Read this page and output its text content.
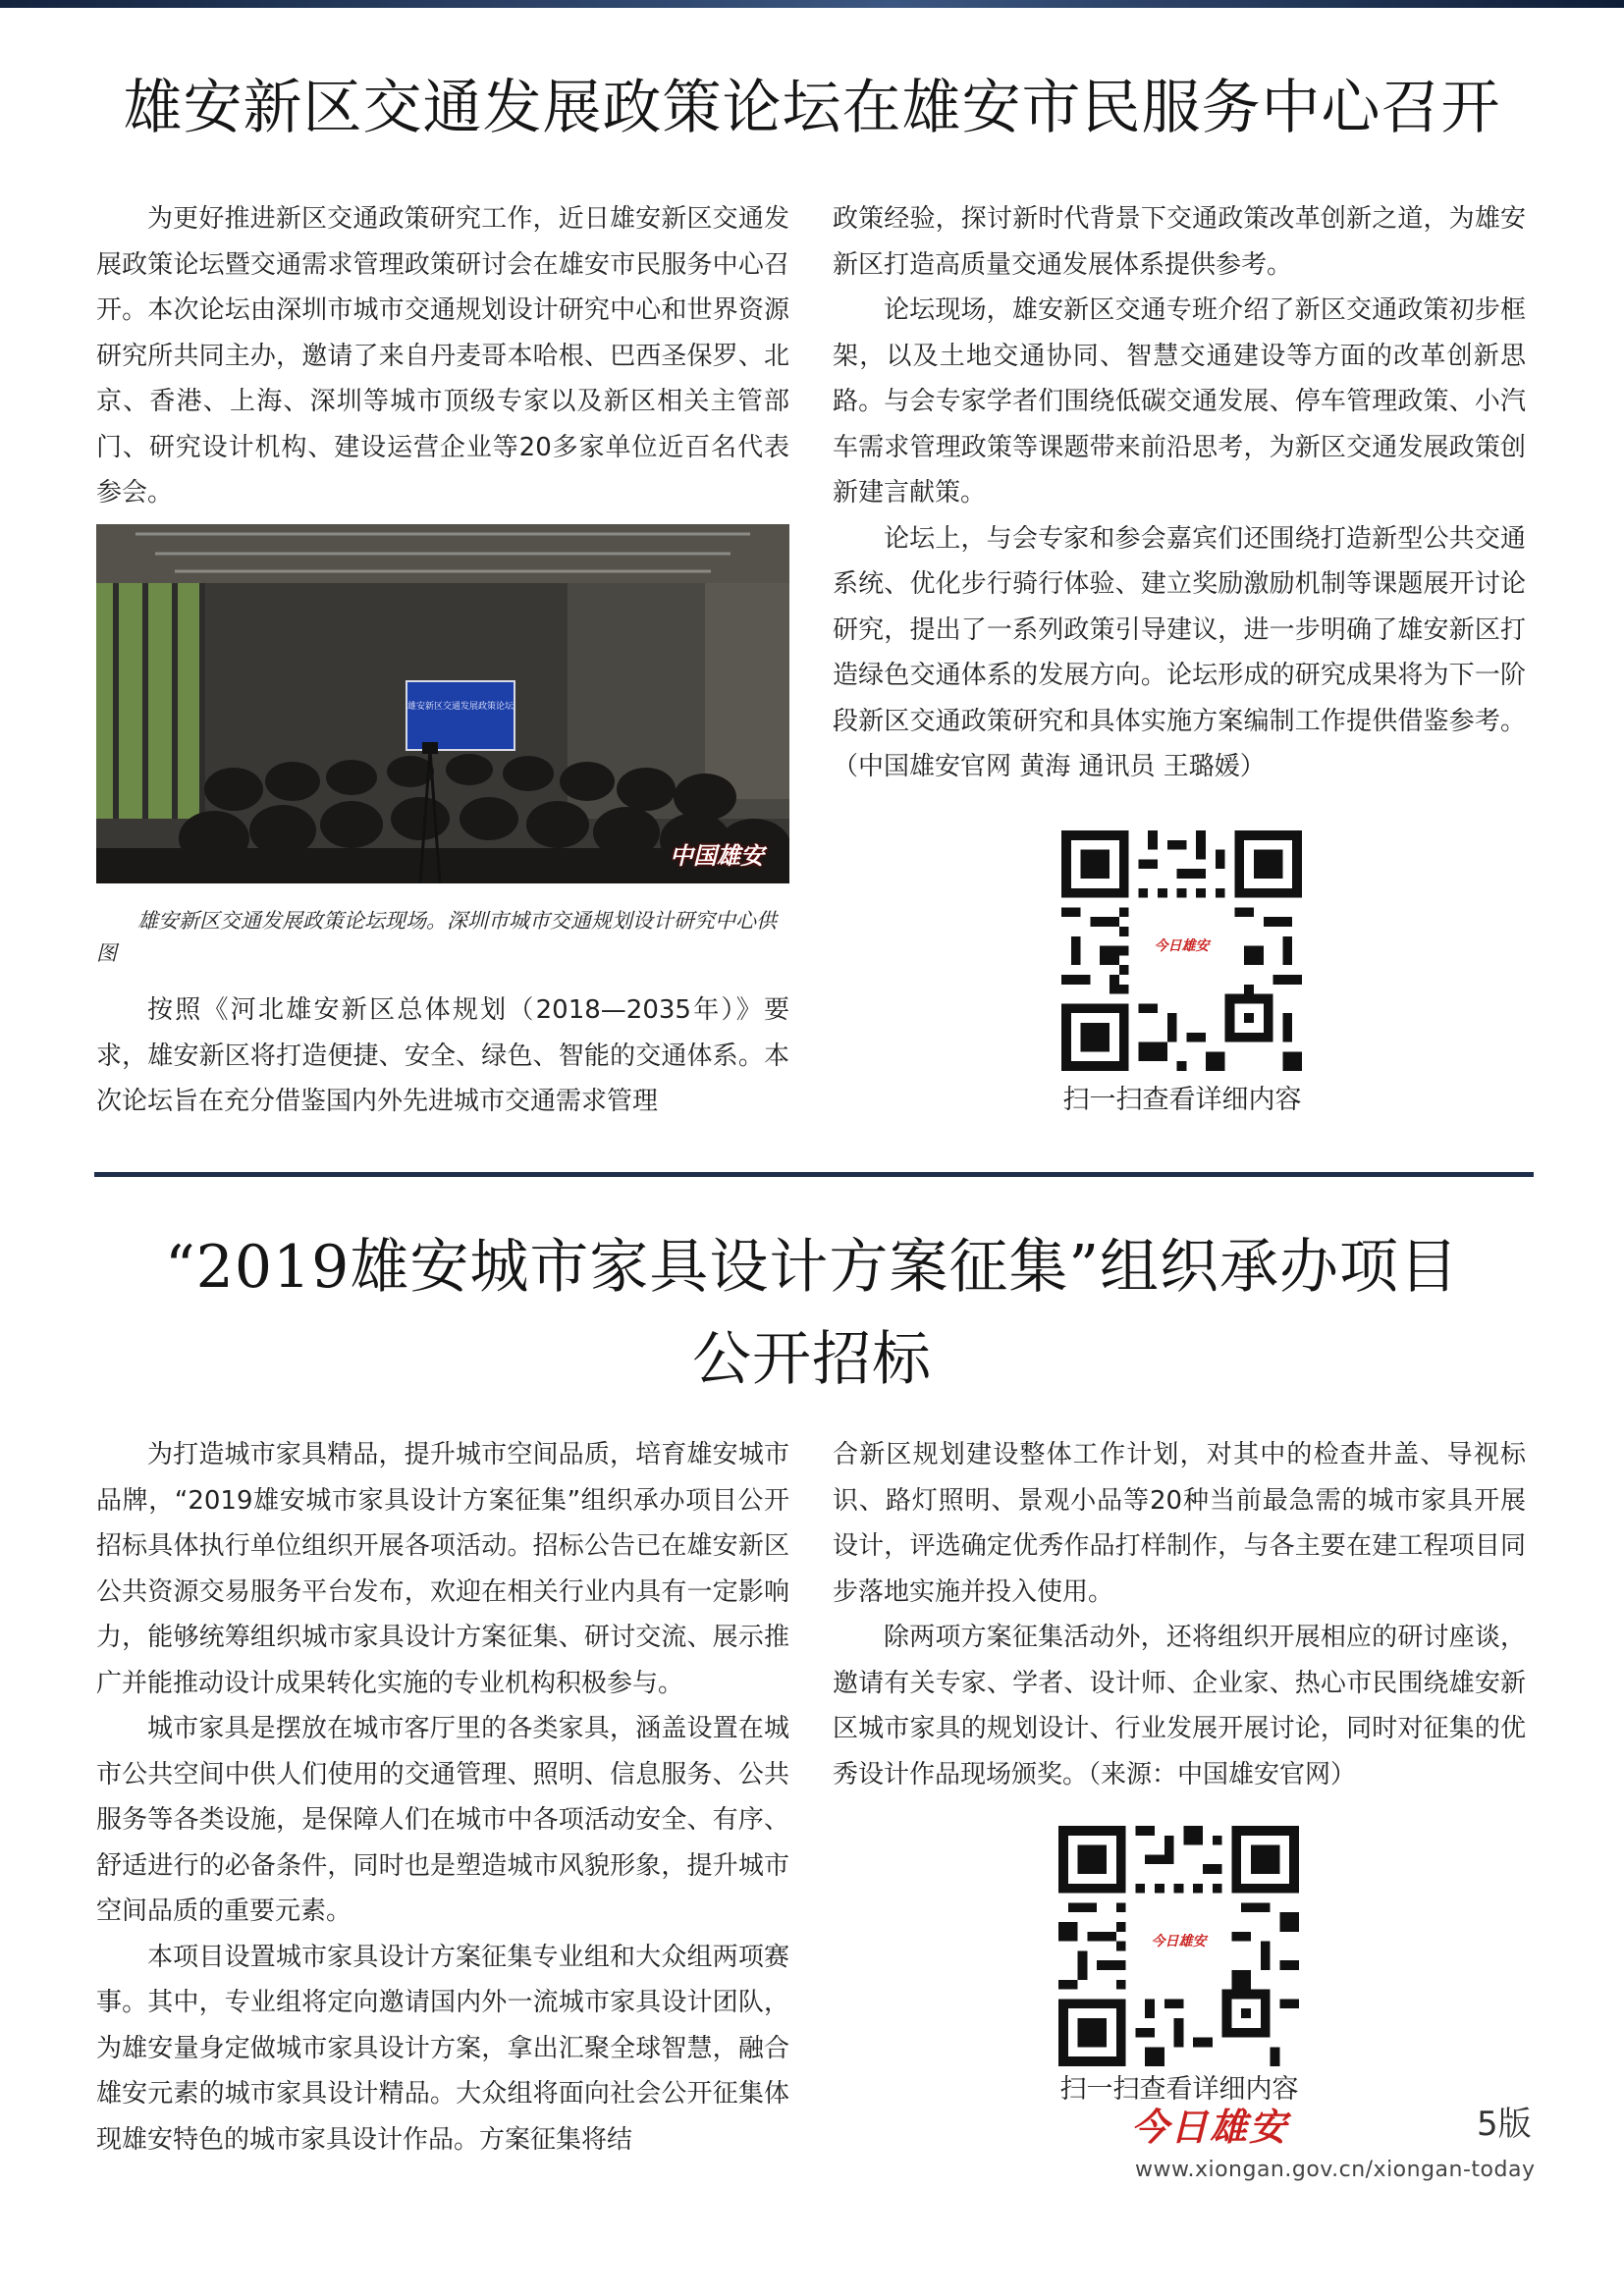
雄安新区交通发展政策论坛在雄安市民服务中心召开

为更好推进新区交通政策研究工作，近日雄安新区交通发展政策论坛暨交通需求管理政策研讨会在雄安市民服务中心召开。本次论坛由深圳市城市交通规划设计研究中心和世界资源研究所共同主办，邀请了来自丹麦哥本哈根、巴西圣保罗、北京、香港、上海、深圳等城市顶级专家以及新区相关主管部门、研究设计机构、建设运营企业等20多家单位近百名代表参会。

雄安新区交通发展政策论坛
中国雄安
雄安新区交通发展政策论坛现场。深圳市城市交通规划设计研究中心供图

按照《河北雄安新区总体规划（2018—2035年）》要求，雄安新区将打造便捷、安全、绿色、智能的交通体系。本次论坛旨在充分借鉴国内外先进城市交通需求管理

政策经验，探讨新时代背景下交通政策改革创新之道，为雄安新区打造高质量交通发展体系提供参考。

论坛现场，雄安新区交通专班介绍了新区交通政策初步框架，以及土地交通协同、智慧交通建设等方面的改革创新思路。与会专家学者们围绕低碳交通发展、停车管理政策、小汽车需求管理政策等课题带来前沿思考，为新区交通发展政策创新建言献策。

论坛上，与会专家和参会嘉宾们还围绕打造新型公共交通系统、优化步行骑行体验、建立奖励激励机制等课题展开讨论研究，提出了一系列政策引导建议，进一步明确了雄安新区打造绿色交通体系的发展方向。论坛形成的研究成果将为下一阶段新区交通政策研究和具体实施方案编制工作提供借鉴参考。（中国雄安官网 黄海 通讯员 王璐媛）

今日雄安
扫一扫查看详细内容
“2019雄安城市家具设计方案征集”组织承办项目
公开招标

为打造城市家具精品，提升城市空间品质，培育雄安城市品牌，“2019雄安城市家具设计方案征集”组织承办项目公开招标具体执行单位组织开展各项活动。招标公告已在雄安新区公共资源交易服务平台发布，欢迎在相关行业内具有一定影响力，能够统筹组织城市家具设计方案征集、研讨交流、展示推广并能推动设计成果转化实施的专业机构积极参与。

城市家具是摆放在城市客厅里的各类家具，涵盖设置在城市公共空间中供人们使用的交通管理、照明、信息服务、公共服务等各类设施，是保障人们在城市中各项活动安全、有序、舒适进行的必备条件，同时也是塑造城市风貌形象，提升城市空间品质的重要元素。

本项目设置城市家具设计方案征集专业组和大众组两项赛事。其中，专业组将定向邀请国内外一流城市家具设计团队，为雄安量身定做城市家具设计方案，拿出汇聚全球智慧，融合雄安元素的城市家具设计精品。大众组将面向社会公开征集体现雄安特色的城市家具设计作品。方案征集将结

合新区规划建设整体工作计划，对其中的检查井盖、导视标识、路灯照明、景观小品等20种当前最急需的城市家具开展设计，评选确定优秀作品打样制作，与各主要在建工程项目同步落地实施并投入使用。

除两项方案征集活动外，还将组织开展相应的研讨座谈，邀请有关专家、学者、设计师、企业家、热心市民围绕雄安新区城市家具的规划设计、行业发展开展讨论，同时对征集的优秀设计作品现场颁奖。（来源：中国雄安官网）

今日雄安
扫一扫查看详细内容
今日雄安	5版
www.xiongan.gov.cn/xiongan-today
